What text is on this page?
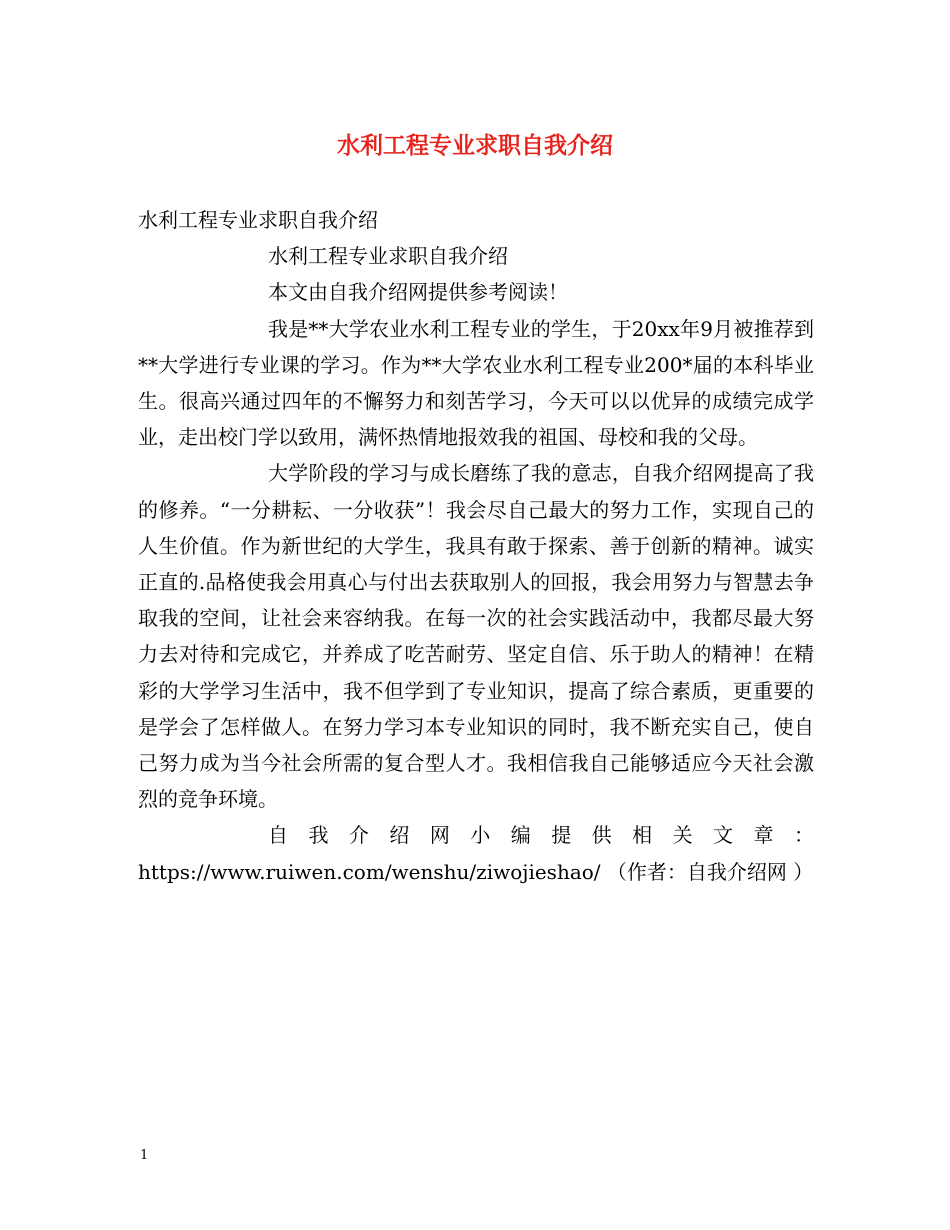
水利工程专业求职自我介绍

水利工程专业求职自我介绍

水利工程专业求职自我介绍

本文由自我介绍网提供参考阅读！

我是**大学农业水利工程专业的学生，于20xx年9月被推荐到**大学进行专业课的学习。作为**大学农业水利工程专业200*届的本科毕业生。很高兴通过四年的不懈努力和刻苦学习，今天可以以优异的成绩完成学业，走出校门学以致用，满怀热情地报效我的祖国、母校和我的父母。

大学阶段的学习与成长磨练了我的意志，自我介绍网提高了我的修养。“一分耕耘、一分收获”！我会尽自己最大的努力工作，实现自己的人生价值。作为新世纪的大学生，我具有敢于探索、善于创新的精神。诚实正直的.品格使我会用真心与付出去获取别人的回报，我会用努力与智慧去争取我的空间，让社会来容纳我。在每一次的社会实践活动中，我都尽最大努力去对待和完成它，并养成了吃苦耐劳、坚定自信、乐于助人的精神！在精彩的大学学习生活中，我不但学到了专业知识，提高了综合素质，更重要的是学会了怎样做人。在努力学习本专业知识的同时，我不断充实自己，使自己努力成为当今社会所需的复合型人才。我相信我自己能够适应今天社会激烈的竞争环境。

自 我 介 绍 网 小 编 提 供 相 关 文 章 ：
https://www.ruiwen.com/wenshu/ziwojieshao/ （作者：自我介绍网 ）

1
